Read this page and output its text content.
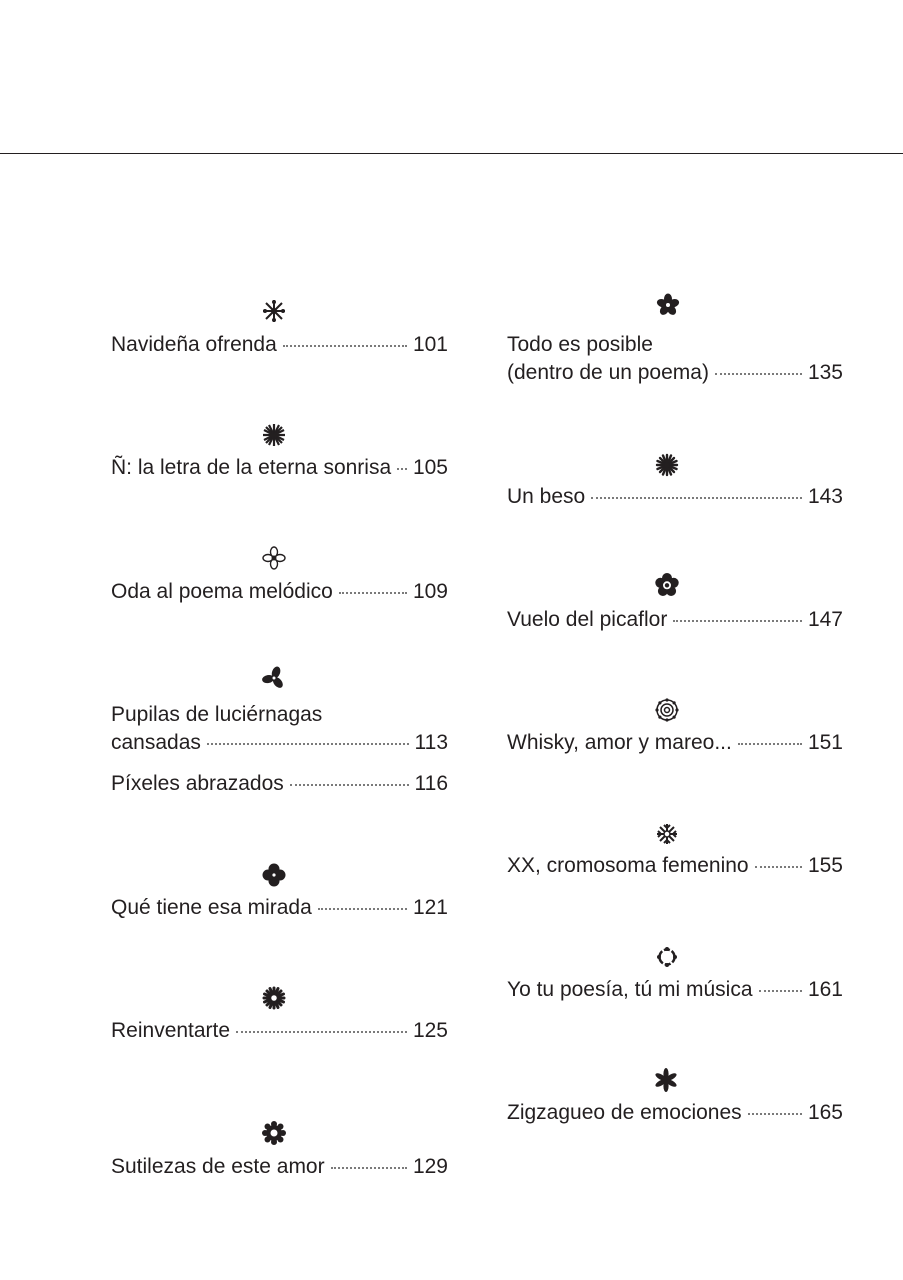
Navideña ofrenda	101
Ñ: la letra de la eterna sonrisa 105
Oda al poema melódico	109
Pupilas de luciérnagas
cansadas	113
Píxeles abrazados	116
Qué tiene esa mirada	121
Reinventarte	125
Sutilezas de este amor	129
Todo es posible
(dentro de un poema)	135
Un beso	143
Vuelo del picaflor	147
Whisky, amor y mareo...	151
XX, cromosoma femenino	155
Yo tu poesía, tú mi música	161
Zigzagueo de emociones	165
